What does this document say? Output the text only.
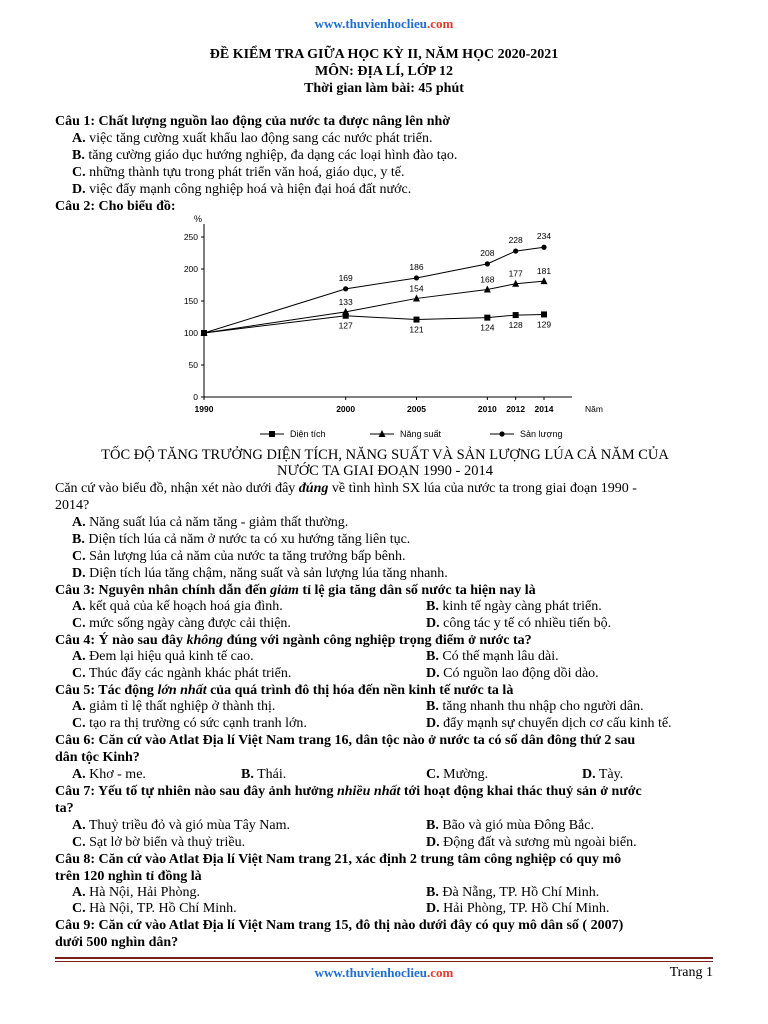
www.thuvienhoclieu.com
ĐỀ KIỂM TRA GIỮA HỌC KỲ II, NĂM HỌC 2020-2021
MÔN: ĐỊA LÍ, LỚP 12
Thời gian làm bài: 45 phút
Câu 1: Chất lượng nguồn lao động của nước ta được nâng lên nhờ
A. việc tăng cường xuất khẩu lao động sang các nước phát triển.
B. tăng cường giáo dục hướng nghiệp, đa dạng các loại hình đào tạo.
C. những thành tựu trong phát triển văn hoá, giáo dục, y tế.
D. việc đẩy mạnh công nghiệp hoá và hiện đại hoá đất nước.
Câu 2: Cho biểu đồ:
%
0
50
100
150
200
250
1990	2000	2005	2010 2012 2014	Năm
127	121	124 128 129
133
154
168
177 181
169
186
208
228 234
Diện tích	Năng suất	Sản lượng
TỐC ĐỘ TĂNG TRƯỞNG DIỆN TÍCH, NĂNG SUẤT VÀ SẢN LƯỢNG LÚA CẢ NĂM CỦA
NƯỚC TA GIAI ĐOẠN 1990 - 2014
Căn cứ vào biểu đồ, nhận xét nào dưới đây đúng về tình hình SX lúa của nước ta trong giai đoạn 1990 -
2014?
A. Năng suất lúa cả năm tăng - giảm thất thường.
B. Diện tích lúa cả năm ở nước ta có xu hướng tăng liên tục.
C. Sản lượng lúa cả năm của nước ta tăng trưởng bấp bênh.
D. Diện tích lúa tăng chậm, năng suất và sản lượng lúa tăng nhanh.
Câu 3: Nguyên nhân chính dẫn đến giảm tỉ lệ gia tăng dân số nước ta hiện nay là
A. kết quả của kế hoạch hoá gia đình.	B. kinh tế ngày càng phát triển.
C. mức sống ngày càng được cải thiện.	D. công tác y tế có nhiều tiến bộ.
Câu 4: Ý nào sau đây không đúng với ngành công nghiệp trọng điểm ở nước ta?
A. Đem lại hiệu quả kinh tế cao.	B. Có thế mạnh lâu dài.
C. Thúc đẩy các ngành khác phát triển.	D. Có nguồn lao động dồi dào.
Câu 5: Tác động lớn nhất của quá trình đô thị hóa đến nền kinh tế nước ta là
A. giảm tỉ lệ thất nghiệp ở thành thị.	B. tăng nhanh thu nhập cho người dân.
C. tạo ra thị trường có sức cạnh tranh lớn.	D. đẩy mạnh sự chuyển dịch cơ cấu kinh tế.
Câu 6: Căn cứ vào Atlat Địa lí Việt Nam trang 16, dân tộc nào ở nước ta có số dân đông thứ 2 sau
dân tộc Kinh?
A. Khơ - me.	B. Thái.	C. Mường.	D. Tày.
Câu 7: Yếu tố tự nhiên nào sau đây ảnh hưởng nhiều nhất tới hoạt động khai thác thuỷ sản ở nước
ta?
A. Thuỷ triều đỏ và gió mùa Tây Nam.	B. Bão và gió mùa Đông Bắc.
C. Sạt lở bờ biển và thuỷ triều.	D. Động đất và sương mù ngoài biển.
Câu 8: Căn cứ vào Atlat Địa lí Việt Nam trang 21, xác định 2 trung tâm công nghiệp có quy mô
trên 120 nghìn tỉ đồng là
A. Hà Nội, Hải Phòng.	B. Đà Nẵng, TP. Hồ Chí Minh.
C. Hà Nội, TP. Hồ Chí Minh.	D. Hải Phòng, TP. Hồ Chí Minh.
Câu 9: Căn cứ vào Atlat Địa lí Việt Nam trang 15, đô thị nào dưới đây có quy mô dân số ( 2007)
dưới 500 nghìn dân?
www.thuvienhoclieu.com	Trang 1
